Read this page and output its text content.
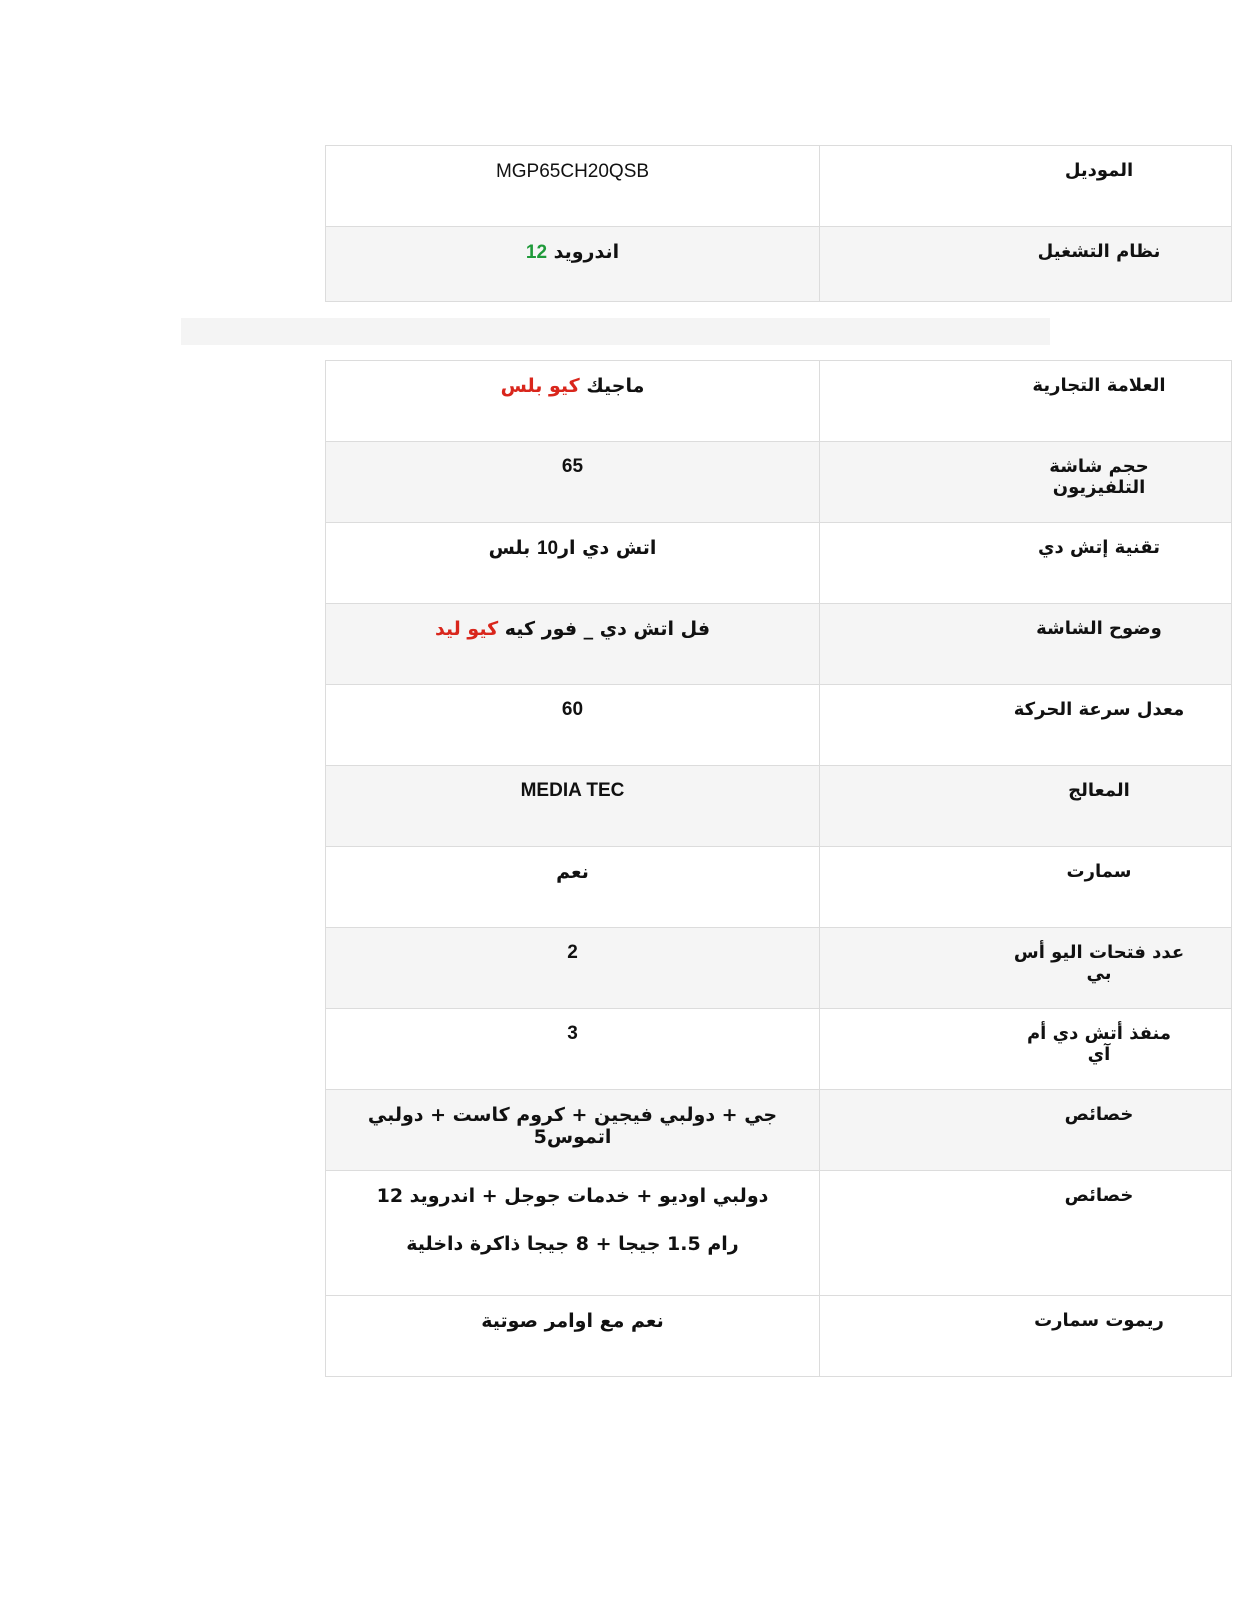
MGP65CH20QSB	الموديل

اندرويد 12	نظام التشغيل
ماجيك كيو بلس	العلامة التجارية

65	حجم شاشة التلفيزيون

اتش دي ار10 بلس	تقنية إتش دي

فل اتش دي _ فور كيه كيو ليد	وضوح الشاشة

60	معدل سرعة الحركة

MEDIA TEC	المعالج

نعم	سمارت

2	عدد فتحات اليو أس بي

3	منفذ أتش دي أم آي

جي + دولبي فيجين + كروم كاست + دولبي اتموس5	خصائص

دولبي اوديو + خدمات جوجل + اندرويد 12
رام 1.5 جيجا + 8 جيجا ذاكرة داخلية	خصائص

نعم مع اوامر صوتية	ريموت سمارت
